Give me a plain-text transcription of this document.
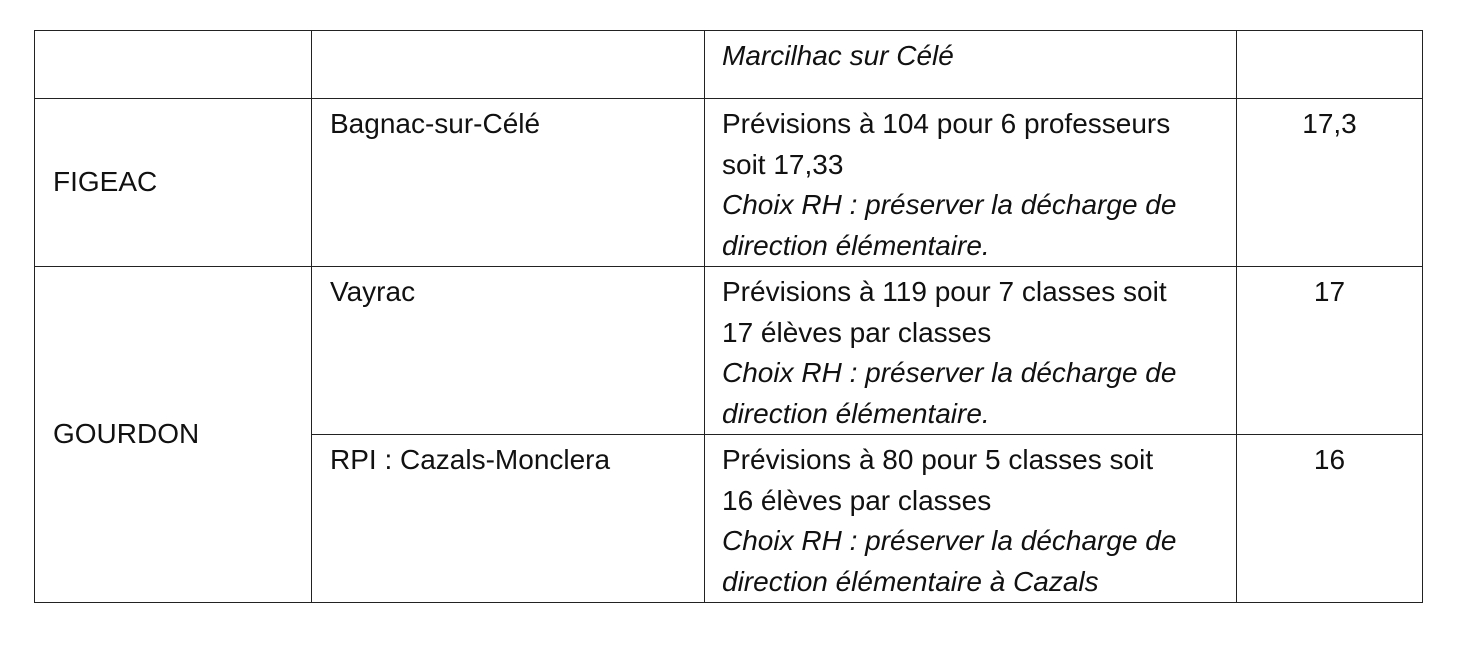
		Marcilhac sur Célé	

FIGEAC	Bagnac-sur-Célé	Prévisions à 104 pour 6 professeurs
soit 17,33
Choix RH : préserver la décharge de
direction élémentaire.	17,3
GOURDON	Vayrac	Prévisions à 119 pour 7 classes soit
17 élèves par classes
Choix RH : préserver la décharge de
direction élémentaire.	17
	RPI : Cazals-Monclera	Prévisions à 80 pour 5 classes soit
16 élèves par classes
Choix RH : préserver la décharge de
direction élémentaire à Cazals	16
